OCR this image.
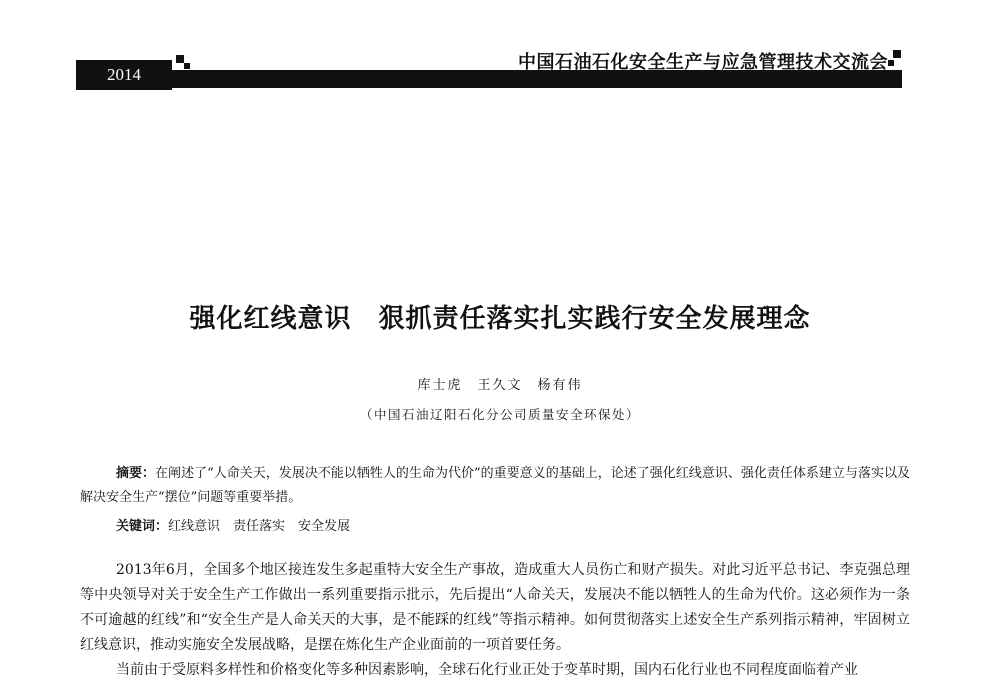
2014
中国石油石化安全生产与应急管理技术交流会
强化红线意识　狠抓责任落实扎实践行安全发展理念
库士虎　王久文　杨有伟
（中国石油辽阳石化分公司质量安全环保处）
摘要：在阐述了“人命关天，发展决不能以牺牲人的生命为代价”的重要意义的基础上，论述了强化红线意识、强化责任体系建立与落实以及解决安全生产“摆位”问题等重要举措。
关键词：红线意识　责任落实　安全发展

2013年6月，全国多个地区接连发生多起重特大安全生产事故，造成重大人员伤亡和财产损失。对此习近平总书记、李克强总理等中央领导对关于安全生产工作做出一系列重要指示批示，先后提出“人命关天，发展决不能以牺牲人的生命为代价。这必须作为一条不可逾越的红线”和“安全生产是人命关天的大事，是不能踩的红线”等指示精神。如何贯彻落实上述安全生产系列指示精神，牢固树立红线意识，推动实施安全发展战略，是摆在炼化生产企业面前的一项首要任务。

当前由于受原料多样性和价格变化等多种因素影响，全球石化行业正处于变革时期，国内石化行业也不同程度面临着产业
